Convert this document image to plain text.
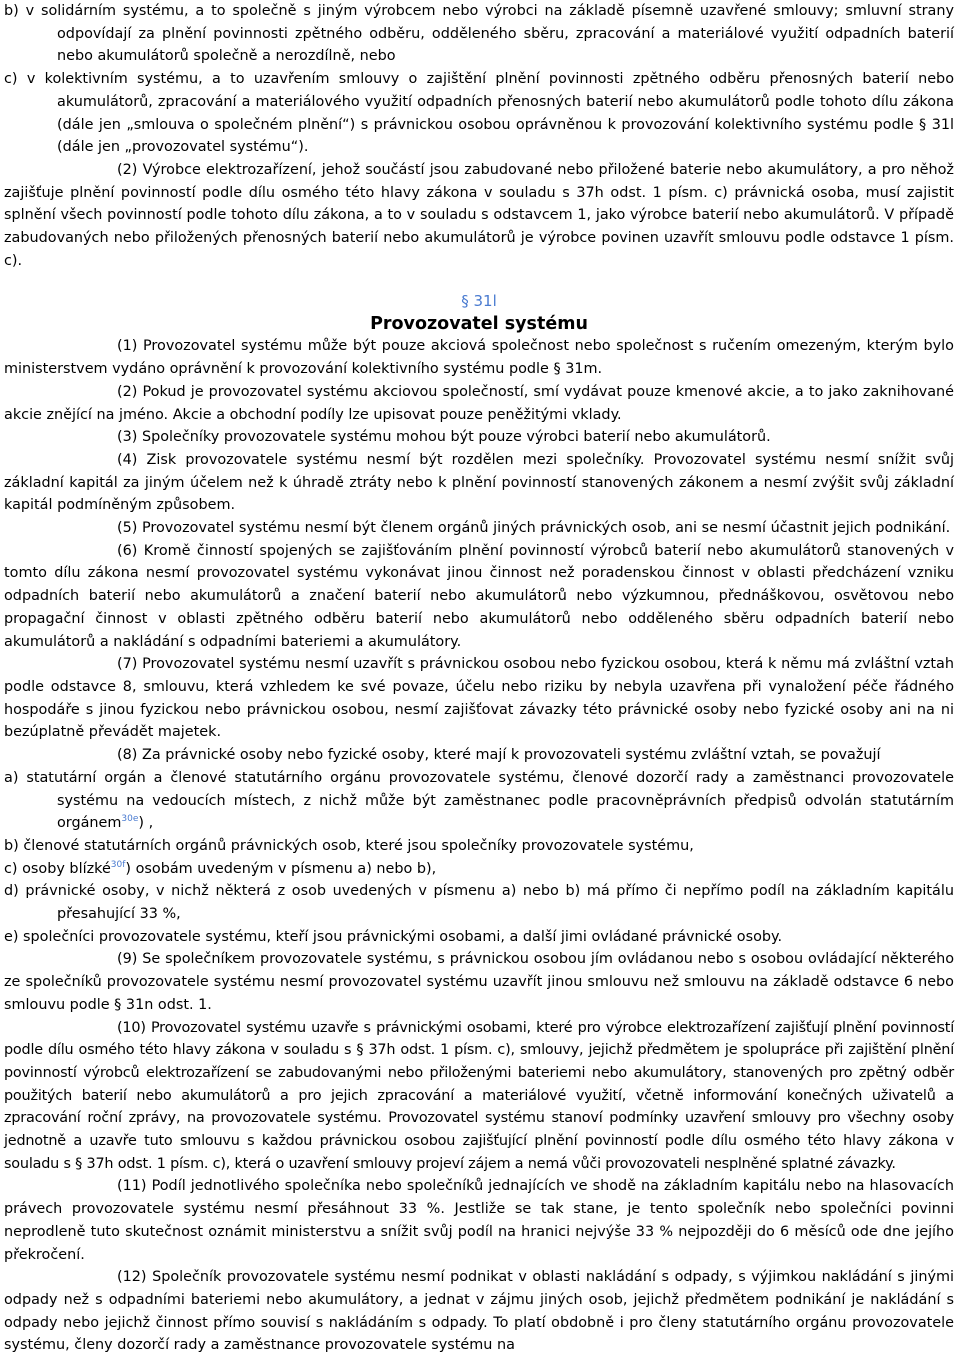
b) v solidárním systému, a to společně s jiným výrobcem nebo výrobci na základě písemně uzavřené smlouvy; smluvní strany odpovídají za plnění povinnosti zpětného odběru, odděleného sběru, zpracování a materiálové využití odpadních baterií nebo akumulátorů společně a nerozdílně, nebo

c) v kolektivním systému, a to uzavřením smlouvy o zajištění plnění povinnosti zpětného odběru přenosných baterií nebo akumulátorů, zpracování a materiálového využití odpadních přenosných baterií nebo akumulátorů podle tohoto dílu zákona (dále jen „smlouva o společném plnění“) s právnickou osobou oprávněnou k provozování kolektivního systému podle § 31l (dále jen „provozovatel systému“).

(2) Výrobce elektrozařízení, jehož součástí jsou zabudované nebo přiložené baterie nebo akumulátory, a pro něhož zajišťuje plnění povinností podle dílu osmého této hlavy zákona v souladu s 37h odst. 1 písm. c) právnická osoba, musí zajistit splnění všech povinností podle tohoto dílu zákona, a to v souladu s odstavcem 1, jako výrobce baterií nebo akumulátorů. V případě zabudovaných nebo přiložených přenosných baterií nebo akumulátorů je výrobce povinen uzavřít smlouvu podle odstavce 1 písm. c).

§ 31l
Provozovatel systému

(1) Provozovatel systému může být pouze akciová společnost nebo společnost s ručením omezeným, kterým bylo ministerstvem vydáno oprávnění k provozování kolektivního systému podle § 31m.

(2) Pokud je provozovatel systému akciovou společností, smí vydávat pouze kmenové akcie, a to jako zaknihované akcie znějící na jméno. Akcie a obchodní podíly lze upisovat pouze peněžitými vklady.

(3) Společníky provozovatele systému mohou být pouze výrobci baterií nebo akumulátorů.

(4) Zisk provozovatele systému nesmí být rozdělen mezi společníky. Provozovatel systému nesmí snížit svůj základní kapitál za jiným účelem než k úhradě ztráty nebo k plnění povinností stanovených zákonem a nesmí zvýšit svůj základní kapitál podmíněným způsobem.

(5) Provozovatel systému nesmí být členem orgánů jiných právnických osob, ani se nesmí účastnit jejich podnikání.

(6) Kromě činností spojených se zajišťováním plnění povinností výrobců baterií nebo akumulátorů stanovených v tomto dílu zákona nesmí provozovatel systému vykonávat jinou činnost než poradenskou činnost v oblasti předcházení vzniku odpadních baterií nebo akumulátorů a značení baterií nebo akumulátorů nebo výzkumnou, přednáškovou, osvětovou nebo propagační činnost v oblasti zpětného odběru baterií nebo akumulátorů nebo odděleného sběru odpadních baterií nebo akumulátorů a nakládání s odpadními bateriemi a akumulátory.

(7) Provozovatel systému nesmí uzavřít s právnickou osobou nebo fyzickou osobou, která k němu má zvláštní vztah podle odstavce 8, smlouvu, která vzhledem ke své povaze, účelu nebo riziku by nebyla uzavřena při vynaložení péče řádného hospodáře s jinou fyzickou nebo právnickou osobou, nesmí zajišťovat závazky této právnické osoby nebo fyzické osoby ani na ni bezúplatně převádět majetek.

(8) Za právnické osoby nebo fyzické osoby, které mají k provozovateli systému zvláštní vztah, se považují

a) statutární orgán a členové statutárního orgánu provozovatele systému, členové dozorčí rady a zaměstnanci provozovatele systému na vedoucích místech, z nichž může být zaměstnanec podle pracovněprávních předpisů odvolán statutárním orgánem$^{30e}$) ,

b) členové statutárních orgánů právnických osob, které jsou společníky provozovatele systému,

c) osoby blízké$^{30f}$) osobám uvedeným v písmenu a) nebo b),

d) právnické osoby, v nichž některá z osob uvedených v písmenu a) nebo b) má přímo či nepřímo podíl na základním kapitálu přesahující 33 %,

e) společníci provozovatele systému, kteří jsou právnickými osobami, a další jimi ovládané právnické osoby.

(9) Se společníkem provozovatele systému, s právnickou osobou jím ovládanou nebo s osobou ovládající některého ze společníků provozovatele systému nesmí provozovatel systému uzavřít jinou smlouvu než smlouvu na základě odstavce 6 nebo smlouvu podle § 31n odst. 1.

(10) Provozovatel systému uzavře s právnickými osobami, které pro výrobce elektrozařízení zajišťují plnění povinností podle dílu osmého této hlavy zákona v souladu s § 37h odst. 1 písm. c), smlouvy, jejichž předmětem je spolupráce při zajištění plnění povinností výrobců elektrozařízení se zabudovanými nebo přiloženými bateriemi nebo akumulátory, stanovených pro zpětný odběr použitých baterií nebo akumulátorů a pro jejich zpracování a materiálové využití, včetně informování konečných uživatelů a zpracování roční zprávy, na provozovatele systému. Provozovatel systému stanoví podmínky uzavření smlouvy pro všechny osoby jednotně a uzavře tuto smlouvu s každou právnickou osobou zajišťující plnění povinností podle dílu osmého této hlavy zákona v souladu s § 37h odst. 1 písm. c), která o uzavření smlouvy projeví zájem a nemá vůči provozovateli nesplněné splatné závazky.

(11) Podíl jednotlivého společníka nebo společníků jednajících ve shodě na základním kapitálu nebo na hlasovacích právech provozovatele systému nesmí přesáhnout 33 %. Jestliže se tak stane, je tento společník nebo společníci povinni neprodleně tuto skutečnost oznámit ministerstvu a snížit svůj podíl na hranici nejvýše 33 % nejpozději do 6 měsíců ode dne jejího překročení.

(12) Společník provozovatele systému nesmí podnikat v oblasti nakládání s odpady, s výjimkou nakládání s jinými odpady než s odpadními bateriemi nebo akumulátory, a jednat v zájmu jiných osob, jejichž předmětem podnikání je nakládání s odpady nebo jejichž činnost přímo souvisí s nakládáním s odpady. To platí obdobně i pro členy statutárního orgánu provozovatele systému, členy dozorčí rady a zaměstnance provozovatele systému na
